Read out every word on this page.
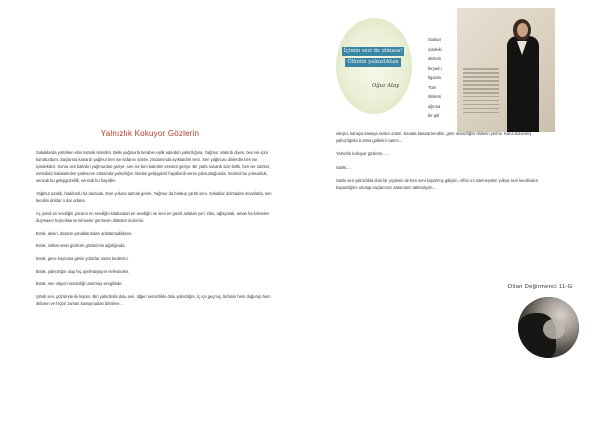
Yalnızlık Kokuyor Gözlerin

Sokaklarda yürürken elini tutmak isterdim. Belki yağmurla beraber eşlik ederdim yalnızlığına. Yağmur ıslatırdı diyen, ben ise içini kurutturdum. Saçlarına kanardı yağmur ben ise kafanın içinde, zindanımda ayıklardım seni. Sen yağmuru dinlerdin ben ise içindekileri. Sonra sen kalırdın yağmurdan geriye, sen ise ben kalırdım senden geriye. Bir yarla susardı size belki, ben ise sözsüz, melodisiz kalakalırdım şarkısının ortasında yalnızlığın. Bunlar gelişigüzel hayallerdi senin yoksunluğunda. Senindi bu yoksunluk, senindi bu gelişigüzellik, senindi bu hayaller.

Yağmur azaldı, haddurdu ha duracak. Evin yoluna tutmak gerek. Yağmur da bırakıp çarktı seni. Sokaklar dolmadan insanlarla, sen kendini doldur o dar odana.

Aç şimdi en sevdiğin yazarın en sevdiğin kitabından en sevdiğin ve seni en güzel anlatan yeri. Oku, ağlayarak, aman ha kimseler duymasın hıçkırıklarını kimseler görmesin dökülen incilerini.

Bırak, aksın, düşsün yanaklarından anlatamadıkların.

Bırak, intihar etsin gözlerin gözlerimin ağırlığında.

Bırak, gece koynuna girsin yıldızlar saran bedenini.

Bırak, yalnızlığın olup hiç ayrılmayayım nefesinden.

Bırak, sen olayım sensizliği unutmuş sevgilinde.

Şimdi sen, gözümde iki kişisin. Biri yalnızlıkla dolu sen, diğeri sensizlikle dolu yalnızlığın. İç içe geçmiş, birbirini hem doğurup hem öldüren ve hiçbir zaman kavuşmadan birbirine...

İçimin sesi de olmasa!
Ölünün yalnızlıktan
Oğuz Atay
Susturr
içindeki
ölülerin
feryad-ı
figanını.
Tüm
ölülerin
ağzına
bir gül

sıkıştır, kanaya kanaya sustur onları. Kanata kanata kendini, görn sessizliğini ölülerin yerine. Kana bulanmış yalnızlığınla a otma güllerini canım...

Yalnızlık kokuyor gözlerin......

Sanki....

Sanki sen yalnızlıkla dolu bir çiçeksin de ben seni koparmış gibiyim. Affını mı istemeyelim yoksa seni kendinden kopardığımı unutup saçlarımızı arasınamı takmalıyım...

Dilan Değirmenci 11-G
